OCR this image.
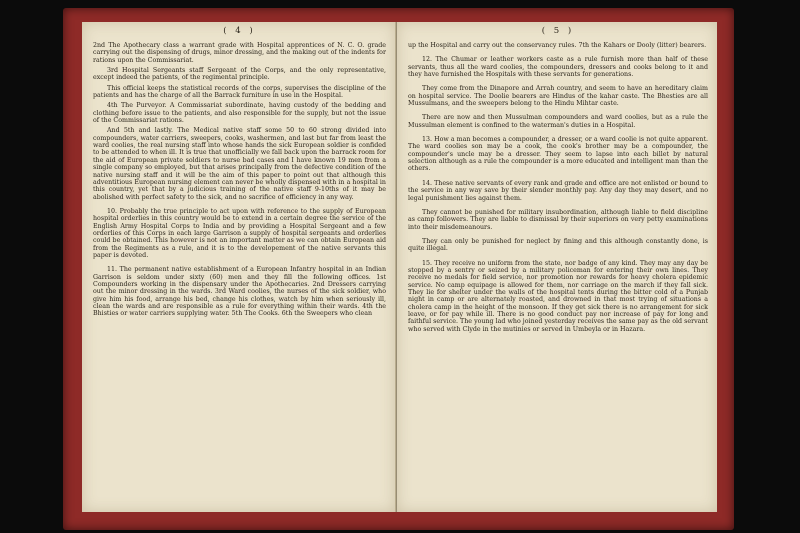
( 4 )

2nd The Apothecary class a warrant grade with Hospital apprentices of N. C. O. grade carrying out the dispensing of drugs, minor dressing, and the making out of the indents for rations upon the Commissariat.

3rd Hospital Sergeants staff Sergeant of the Corps, and the only representative, except indeed the patients, of the regimental principle.

This official keeps the statistical records of the corps, supervises the discipline of the patients and has the charge of all the Barrack furniture in use in the Hospital.

4th The Purveyor. A Commissariat subordinate, having custody of the bedding and clothing before issue to the patients, and also responsible for the supply, but not the issue of the Commissariat rations.

And 5th and lastly. The Medical native staff some 50 to 60 strong divided into compounders, water carriers, sweepers, cooks, washermen, and last but far from least the ward coolies, the real nursing staff into whose hands the sick European soldier is confided to be attended to when ill. It is true that unofficially we fall back upon the barrack room for the aid of European private soldiers to nurse bad cases and I have known 19 men from a single company so employed, but that arises principally from the defective condition of the native nursing staff and it will be the aim of this paper to point out that although this adventitious European nursing element can never be wholly dispensed with in a hospital in this country, yet that by a judicious training of the native staff 9-10ths of it may be abolished with perfect safety to the sick, and no sacrifice of efficiency in any way.

10. Probably the true principle to act upon with reference to the supply of European hospital orderlies in this country would be to extend in a certain degree the service of the English Army Hospital Corps to India and by providing a Hospital Sergeant and a few orderlies of this Corps in each large Garrison a supply of hospital sergeants and orderlies could be obtained. This however is not an important matter as we can obtain European aid from the Regiments as a rule, and it is to the developement of the native servants this paper is devoted.

11. The permanent native establishment of a European Infantry hospital in an Indian Garrison is seldom under sixty (60) men and they fill the following offices. 1st Compounders working in the dispensary under the Apothecaries. 2nd Dressers carrying out the minor dressing in the wards. 3rd Ward coolies, the nurses of the sick soldier, who give him his food, arrange his bed, change his clothes, watch by him when seriously ill, clean the wards and are responsible as a rule for everything within their wards. 4th the Bhisties or water carriers supplying water. 5th The Cooks. 6th the Sweepers who clean

( 5 )

up the Hospital and carry out the conservancy rules. 7th the Kahars or Dooly (litter) bearers.

12. The Chumar or leather workers caste as a rule furnish more than half of these servants, thus all the ward coolies, the compounders, dressers and cooks belong to it and they have furnished the Hospitals with these servants for generations.

They come from the Dinapore and Arrah country, and seem to have an hereditary claim on hospital service. The Doolie bearers are Hindus of the kahar caste. The Bhesties are all Mussulmans, and the sweepers belong to the Hindu Mihtar caste.

There are now and then Mussulman compounders and ward coolies, but as a rule the Mussulman element is confined to the waterman's duties in a Hospital.

13. How a man becomes a compounder, a dresser, or a ward coolie is not quite apparent. The ward coolies son may be a cook, the cook's brother may be a compounder, the compounder's uncle may be a dresser. They seem to lapse into each billet by natural selection although as a rule the compounder is a more educated and intelligent man than the others.

14. These native servants of every rank and grade and office are not enlisted or bound to the service in any way save by their slender monthly pay. Any day they may desert, and no legal punishment lies against them.

They cannot be punished for military insubordination, although liable to field discipline as camp followers. They are liable to dismissal by their superiors on very petty examinations into their misdemeanours.

They can only be punished for neglect by fining and this although constantly done, is quite illegal.

15. They receive no uniform from the state, nor badge of any kind. They may any day be stopped by a sentry or seized by a military policeman for entering their own lines. They receive no medals for field service, nor promotion nor rewards for heavy cholera epidemic service. No camp equipage is allowed for them, nor carriage on the march if they fall sick. They lie for shelter under the walls of the hospital tents during the bitter cold of a Punjab night in camp or are alternately roasted, and drowned in that most trying of situations a cholera camp in the height of the monsoon. If they get sick there is no arrangement for sick leave, or for pay while ill. There is no good conduct pay nor increase of pay for long and faithful service. The young lad who joined yesterday receives the same pay as the old servant who served with Clyde in the mutinies or served in Umbeyla or in Hazara.
